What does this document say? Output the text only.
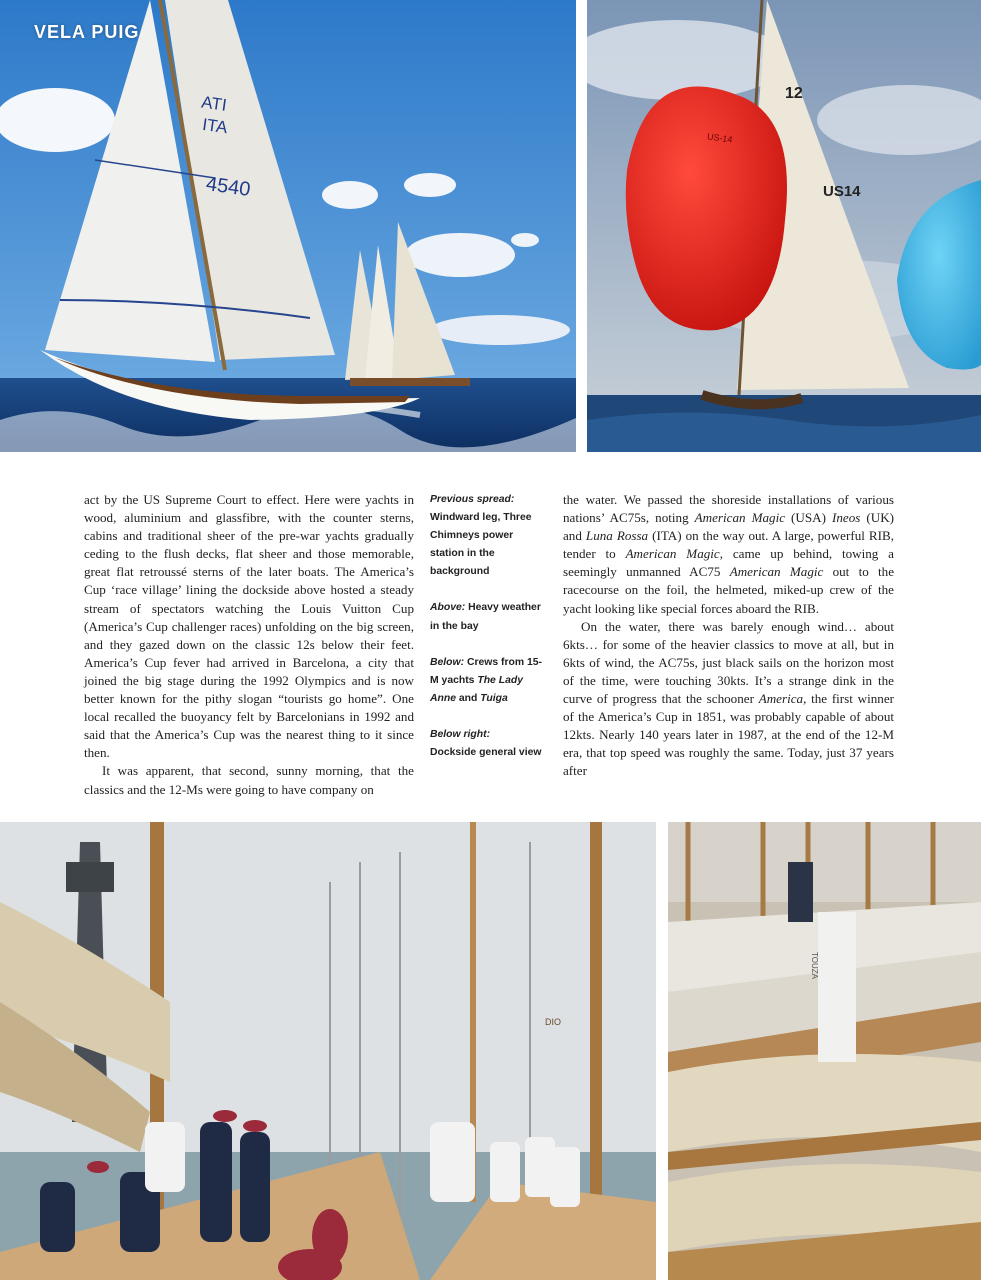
ATI
ITA
4540
VELA PUIG
12
US14
US-14

act by the US Supreme Court to effect. Here were yachts in wood, aluminium and glassfibre, with the counter sterns, cabins and traditional sheer of the pre-war yachts gradually ceding to the flush decks, flat sheer and those memorable, great flat retroussé sterns of the later boats. The America’s Cup ‘race village’ lining the dockside above hosted a steady stream of spectators watching the Louis Vuitton Cup (America’s Cup challenger races) unfolding on the big screen, and they gazed down on the classic 12s below their feet. America’s Cup fever had arrived in Barcelona, a city that joined the big stage during the 1992 Olympics and is now better known for the pithy slogan “tourists go home”. One local recalled the buoyancy felt by Barcelonians in 1992 and said that the America’s Cup was the nearest thing to it since then.

It was apparent, that second, sunny morning, that the classics and the 12-Ms were going to have company on

Previous spread:
Windward leg, Three Chimneys power station in the background
Above: Heavy weather in the bay
Below: Crews from 15-M yachts The Lady Anne and Tuiga
Below right:
Dockside general view

the water. We passed the shoreside installations of various nations’ AC75s, noting American Magic (USA) Ineos (UK) and Luna Rossa (ITA) on the way out. A large, powerful RIB, tender to American Magic, came up behind, towing a seemingly unmanned AC75 American Magic out to the racecourse on the foil, the helmeted, miked-up crew of the yacht looking like special forces aboard the RIB.

On the water, there was barely enough wind… about 6kts… for some of the heavier classics to move at all, but in 6kts of wind, the AC75s, just black sails on the horizon most of the time, were touching 30kts. It’s a strange dink in the curve of progress that the schooner America, the first winner of the America’s Cup in 1851, was probably capable of about 12kts. Nearly 140 years later in 1987, at the end of the 12-M era, that top speed was roughly the same. Today, just 37 years after

DIO
TOUZA
